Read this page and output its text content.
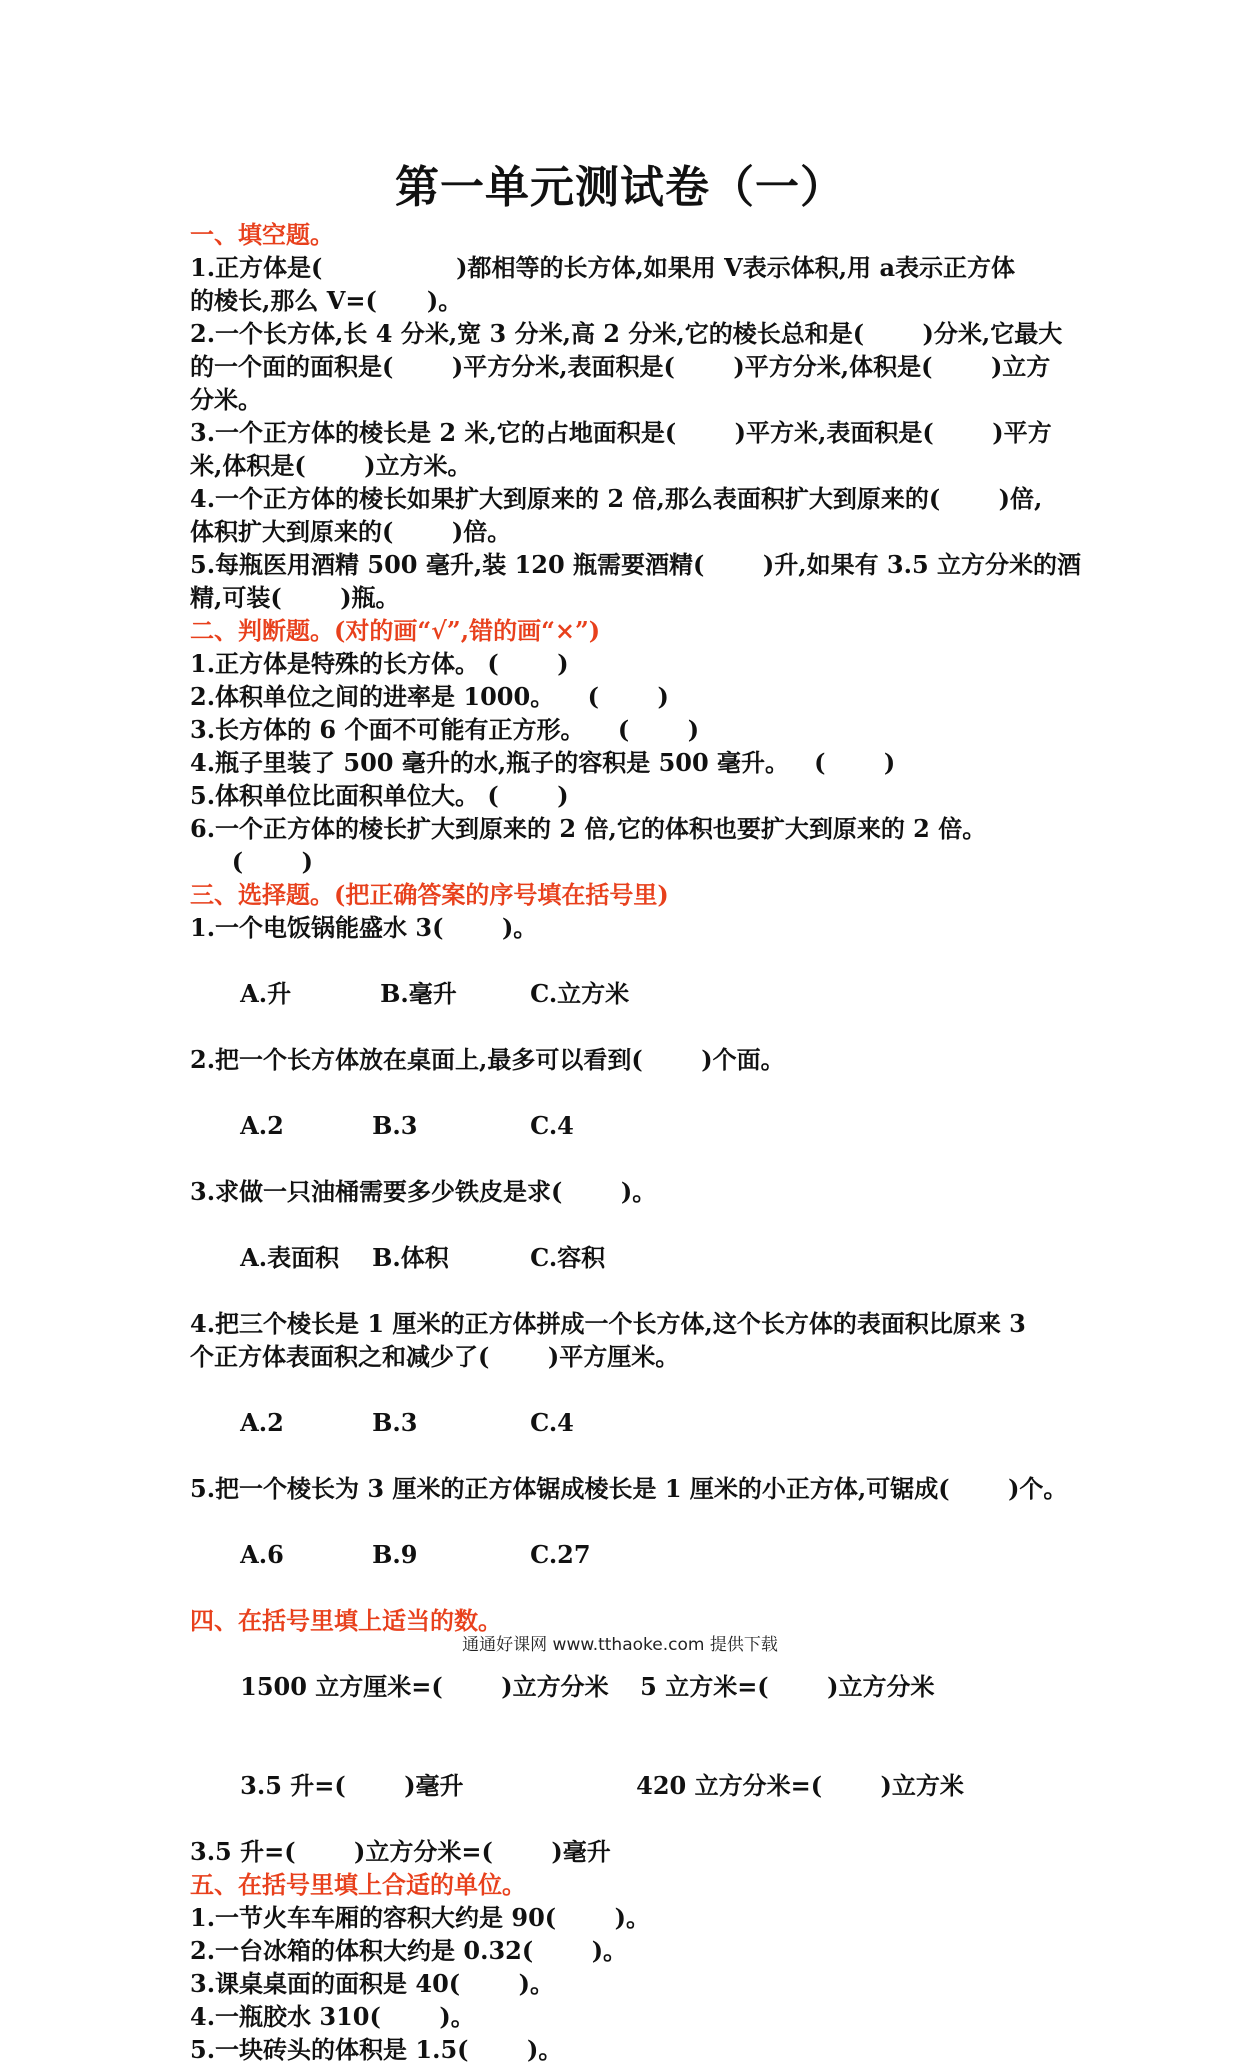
第一单元测试卷（一）
一、填空题。
1.正方体是(                )都相等的长方体,如果用 V表示体积,用 a表示正方体
的棱长,那么 V=(      )。
2.一个长方体,长 4 分米,宽 3 分米,高 2 分米,它的棱长总和是(       )分米,它最大
的一个面的面积是(       )平方分米,表面积是(       )平方分米,体积是(       )立方
分米。
3.一个正方体的棱长是 2 米,它的占地面积是(       )平方米,表面积是(       )平方
米,体积是(       )立方米。
4.一个正方体的棱长如果扩大到原来的 2 倍,那么表面积扩大到原来的(       )倍,
体积扩大到原来的(       )倍。
5.每瓶医用酒精 500 毫升,装 120 瓶需要酒精(       )升,如果有 3.5 立方分米的酒
精,可装(       )瓶。
二、判断题。(对的画“√”,错的画“×”)
1.正方体是特殊的长方体。 (       )
2.体积单位之间的进率是 1000。    (       )
3.长方体的 6 个面不可能有正方形。    (       )
4.瓶子里装了 500 毫升的水,瓶子的容积是 500 毫升。   (       )
5.体积单位比面积单位大。 (       )
6.一个正方体的棱长扩大到原来的 2 倍,它的体积也要扩大到原来的 2 倍。
(       )
三、选择题。(把正确答案的序号填在括号里)
1.一个电饭锅能盛水 3(       )。

A.升	B.毫升	C.立方米

2.把一个长方体放在桌面上,最多可以看到(       )个面。

A.2	B.3	C.4

3.求做一只油桶需要多少铁皮是求(       )。

A.表面积 B.体积	C.容积

4.把三个棱长是 1 厘米的正方体拼成一个长方体,这个长方体的表面积比原来 3
个正方体表面积之和减少了(       )平方厘米。

A.2	B.3	C.4

5.把一个棱长为 3 厘米的正方体锯成棱长是 1 厘米的小正方体,可锯成(       )个。

A.6	B.9	C.27

四、在括号里填上适当的数。

1500 立方厘米=(       )立方分米 5 立方米=(       )立方分米

3.5 升=(       )毫升	420 立方分米=(       )立方米

3.5 升=(       )立方分米=(       )毫升
五、在括号里填上合适的单位。
1.一节火车车厢的容积大约是 90(       )。
2.一台冰箱的体积大约是 0.32(       )。
3.课桌桌面的面积是 40(       )。
4.一瓶胶水 310(       )。
5.一块砖头的体积是 1.5(       )。
通通好课网 www.tthaoke.com 提供下载
